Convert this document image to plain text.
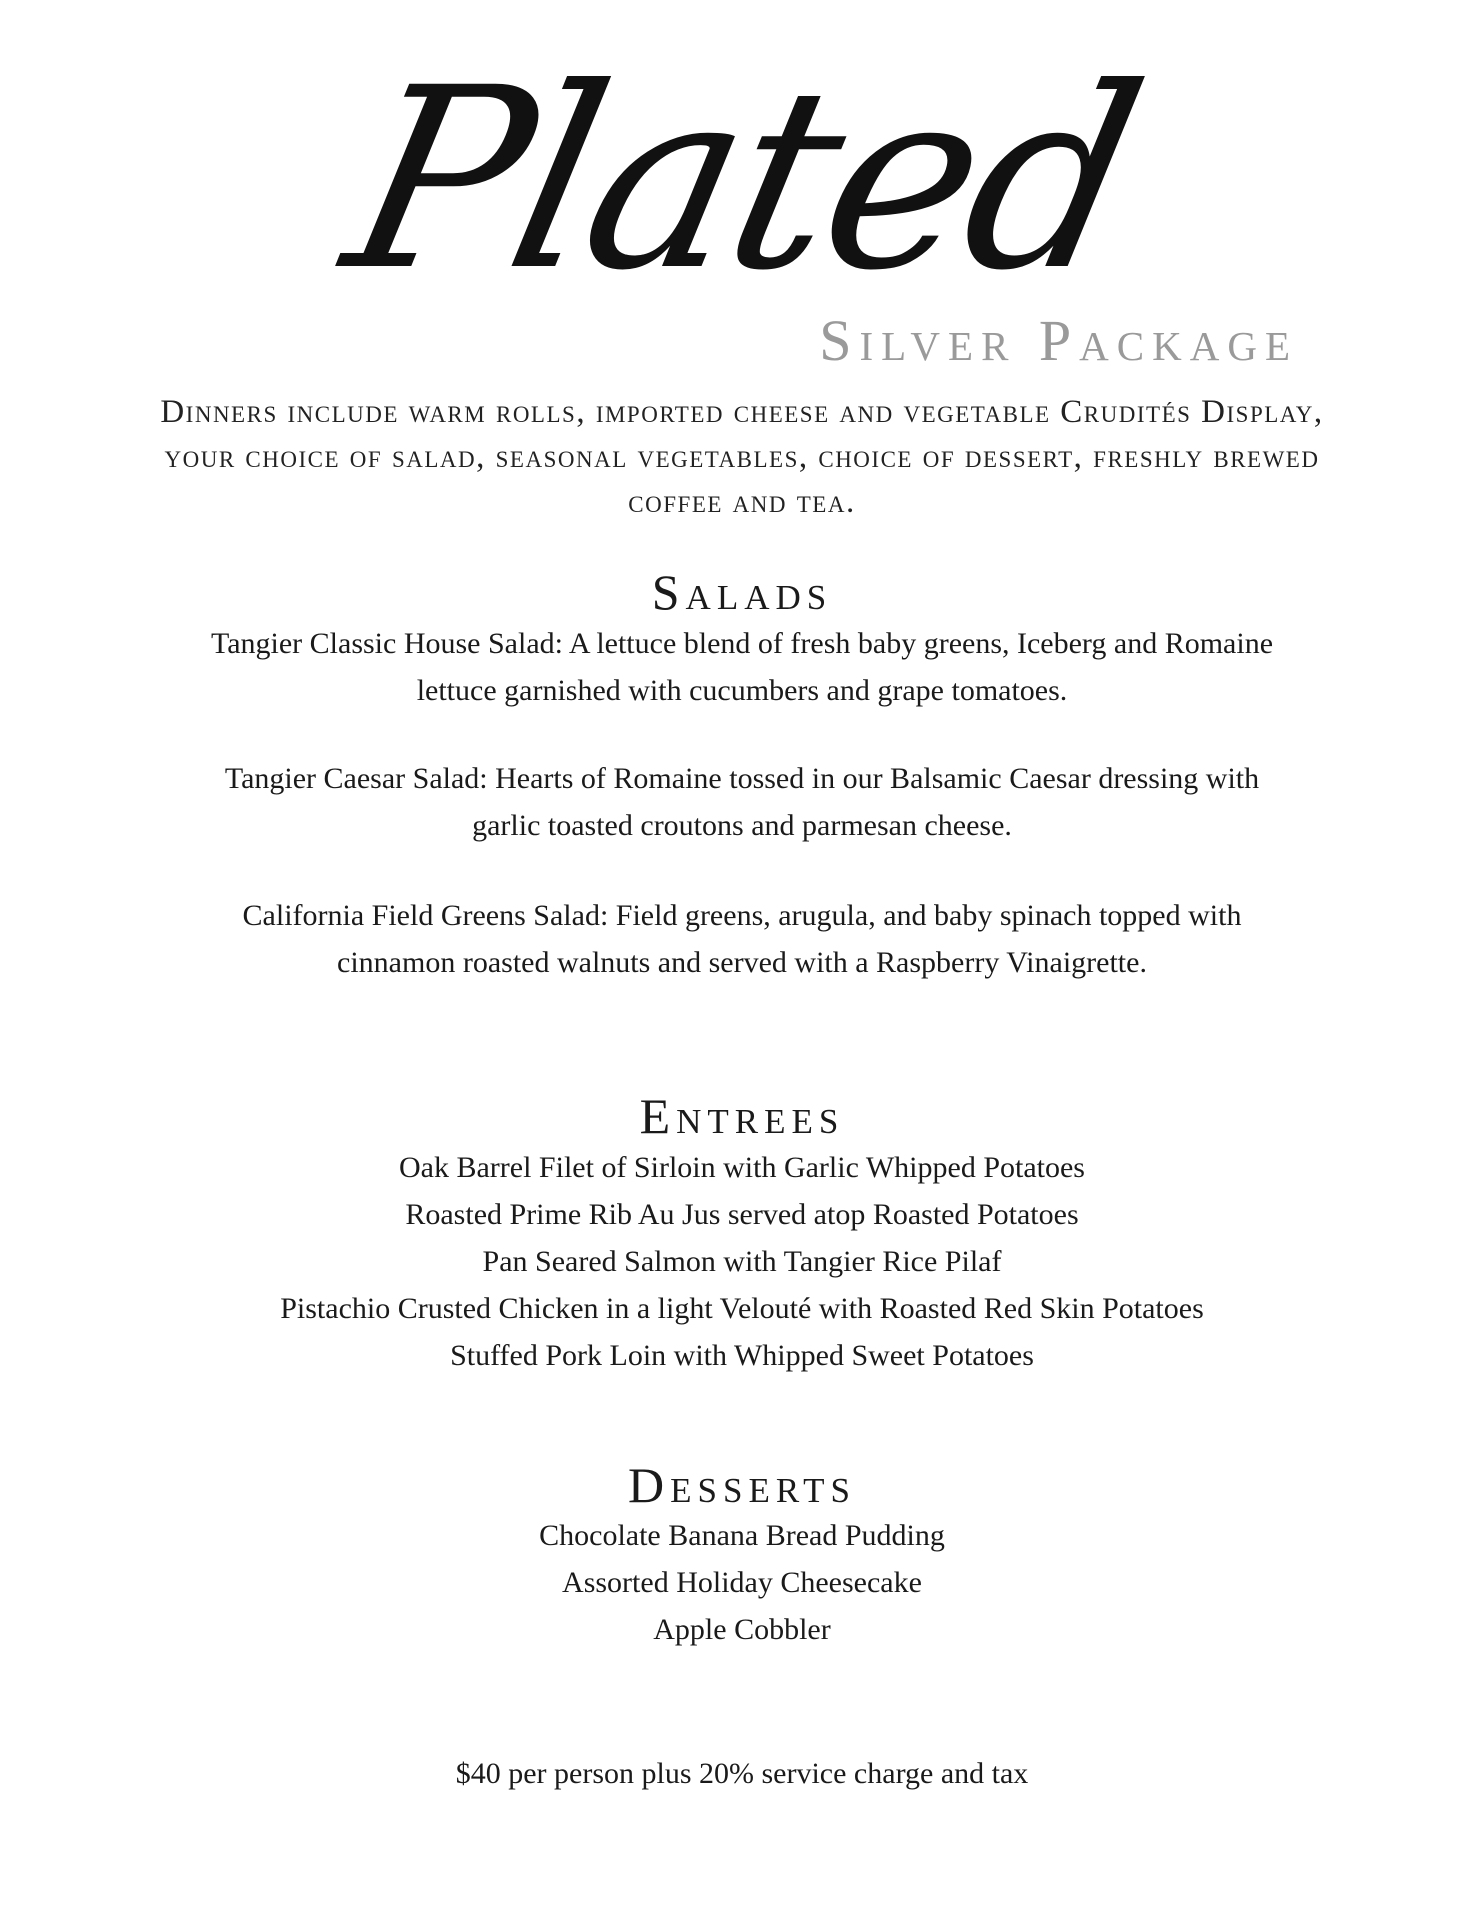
Plated
Silver Package
Dinners include warm rolls, imported cheese and vegetable Crudités Display, your choice of salad, seasonal vegetables, choice of dessert, freshly brewed coffee and tea.
Salads
Tangier Classic House Salad: A lettuce blend of fresh baby greens, Iceberg and Romaine lettuce garnished with cucumbers and grape tomatoes.
Tangier Caesar Salad: Hearts of Romaine tossed in our Balsamic Caesar dressing with garlic toasted croutons and parmesan cheese.
California Field Greens Salad: Field greens, arugula, and baby spinach topped with cinnamon roasted walnuts and served with a Raspberry Vinaigrette.
Entrees
Oak Barrel Filet of Sirloin with Garlic Whipped Potatoes
Roasted Prime Rib Au Jus served atop Roasted Potatoes
Pan Seared Salmon with Tangier Rice Pilaf
Pistachio Crusted Chicken in a light Velouté with Roasted Red Skin Potatoes
Stuffed Pork Loin with Whipped Sweet Potatoes
Desserts
Chocolate Banana Bread Pudding
Assorted Holiday Cheesecake
Apple Cobbler
$40 per person plus 20% service charge and tax
